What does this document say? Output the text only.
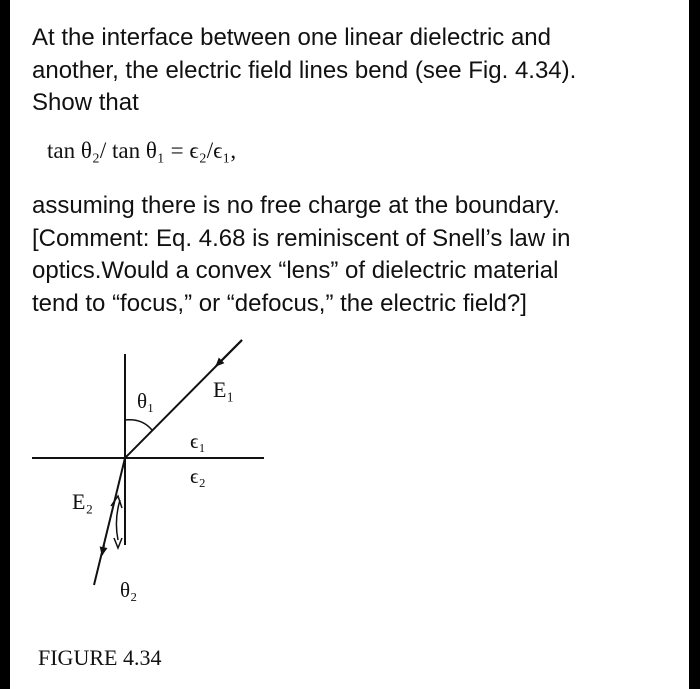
At the interface between one linear dielectric and
another, the electric field lines bend (see Fig. 4.34).
Show that

tan θ₂/ tan θ₁ = ϵ₂/ϵ₁,

assuming there is no free charge at the boundary.
[Comment: Eq. 4.68 is reminiscent of Snell’s law in
optics.Would a convex “lens” of dielectric material
tend to “focus,” or “defocus,” the electric field?]

θ₁	E₁
ϵ₁
ϵ₂
E₂
θ₂
FIGURE 4.34
